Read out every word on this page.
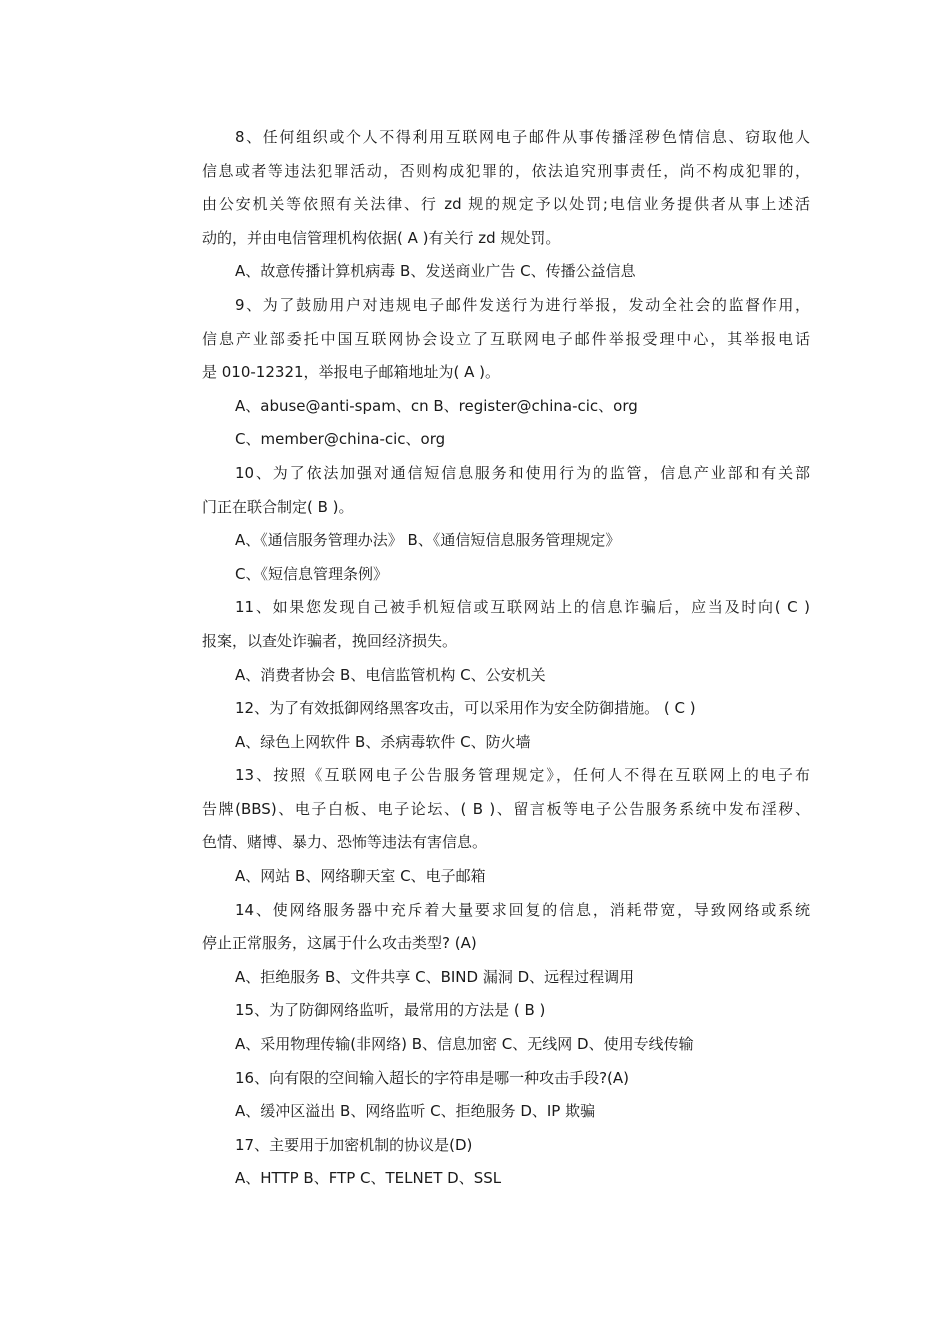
8、任何组织或个人不得利用互联网电子邮件从事传播淫秽色情信息、窃取他人
信息或者等违法犯罪活动，否则构成犯罪的，依法追究刑事责任，尚不构成犯罪的，
由公安机关等依照有关法律、行 zd 规的规定予以处罚;电信业务提供者从事上述活
动的，并由电信管理机构依据( A )有关行 zd 规处罚。
A、故意传播计算机病毒 B、发送商业广告 C、传播公益信息
9、为了鼓励用户对违规电子邮件发送行为进行举报，发动全社会的监督作用，
信息产业部委托中国互联网协会设立了互联网电子邮件举报受理中心，其举报电话
是 010-12321，举报电子邮箱地址为( A )。
A、abuse@anti-spam、cn B、register@china-cic、org
C、member@china-cic、org
10、为了依法加强对通信短信息服务和使用行为的监管，信息产业部和有关部
门正在联合制定( B )。
A、《通信服务管理办法》 B、《通信短信息服务管理规定》
C、《短信息管理条例》
11、如果您发现自己被手机短信或互联网站上的信息诈骗后，应当及时向( C )
报案，以查处诈骗者，挽回经济损失。
A、消费者协会 B、电信监管机构 C、公安机关
12、为了有效抵御网络黑客攻击，可以采用作为安全防御措施。 ( C )
A、绿色上网软件 B、杀病毒软件 C、防火墙
13、按照《互联网电子公告服务管理规定》，任何人不得在互联网上的电子布
告牌(BBS)、电子白板、电子论坛、( B )、留言板等电子公告服务系统中发布淫秽、
色情、赌博、暴力、恐怖等违法有害信息。
A、网站 B、网络聊天室 C、电子邮箱
14、使网络服务器中充斥着大量要求回复的信息，消耗带宽，导致网络或系统
停止正常服务，这属于什么攻击类型? (A)
A、拒绝服务 B、文件共享 C、BIND 漏洞 D、远程过程调用
15、为了防御网络监听，最常用的方法是 ( B )
A、采用物理传输(非网络) B、信息加密 C、无线网 D、使用专线传输
16、向有限的空间输入超长的字符串是哪一种攻击手段?(A)
A、缓冲区溢出 B、网络监听 C、拒绝服务 D、IP 欺骗
17、主要用于加密机制的协议是(D)
A、HTTP B、FTP C、TELNET D、SSL
